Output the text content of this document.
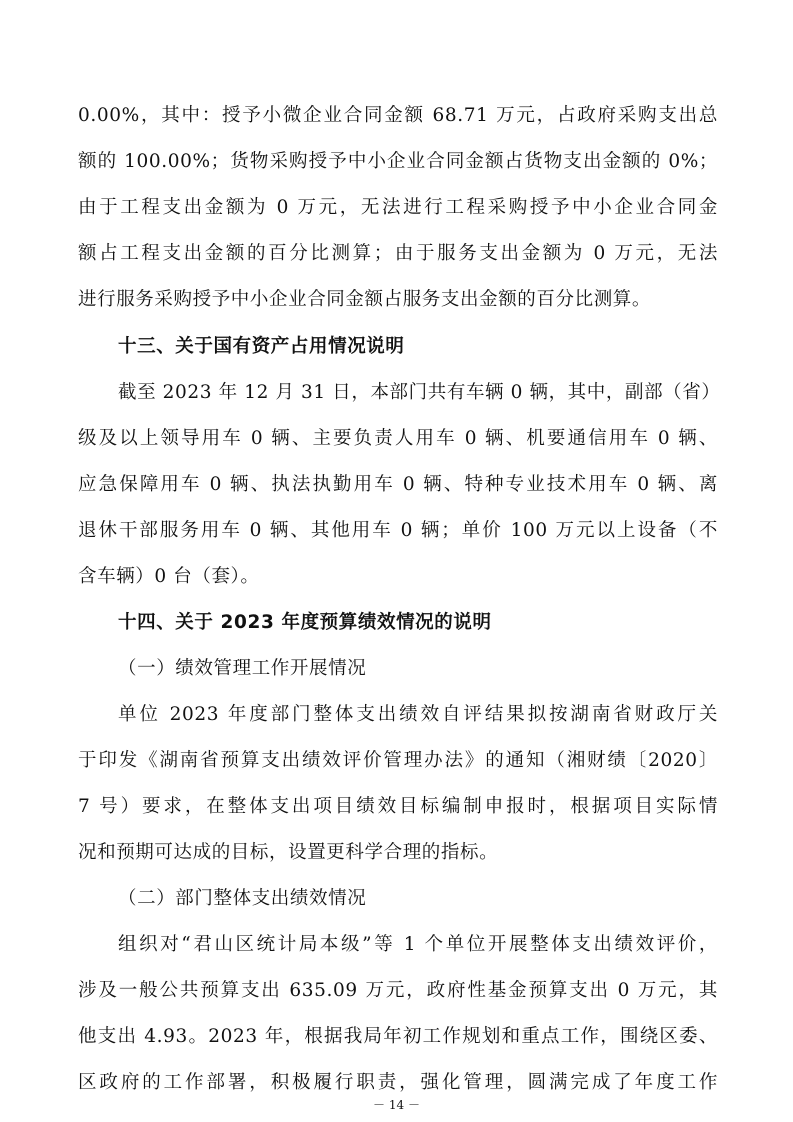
0.00%，其中：授予小微企业合同金额 68.71 万元，占政府采购支出总
额的 100.00%；货物采购授予中小企业合同金额占货物支出金额的 0%；
由于工程支出金额为 0 万元，无法进行工程采购授予中小企业合同金
额占工程支出金额的百分比测算；由于服务支出金额为 0 万元，无法
进行服务采购授予中小企业合同金额占服务支出金额的百分比测算。
十三、关于国有资产占用情况说明
截至 2023 年 12 月 31 日，本部门共有车辆 0 辆，其中，副部（省）
级及以上领导用车 0 辆、主要负责人用车 0 辆、机要通信用车 0 辆、
应急保障用车 0 辆、执法执勤用车 0 辆、特种专业技术用车 0 辆、离
退休干部服务用车 0 辆、其他用车 0 辆；单价 100 万元以上设备（不
含车辆）0 台（套）。
十四、关于 2023 年度预算绩效情况的说明
（一）绩效管理工作开展情况
单位 2023 年度部门整体支出绩效自评结果拟按湖南省财政厅关
于印发《湖南省预算支出绩效评价管理办法》的通知（湘财绩〔2020〕
7 号）要求，在整体支出项目绩效目标编制申报时，根据项目实际情
况和预期可达成的目标，设置更科学合理的指标。
（二）部门整体支出绩效情况
组织对“君山区统计局本级”等 1 个单位开展整体支出绩效评价，
涉及一般公共预算支出 635.09 万元，政府性基金预算支出 0 万元，其
他支出 4.93。2023 年，根据我局年初工作规划和重点工作，围绕区委、
区政府的工作部署，积极履行职责，强化管理，圆满完成了年度工作
－ 14 －
